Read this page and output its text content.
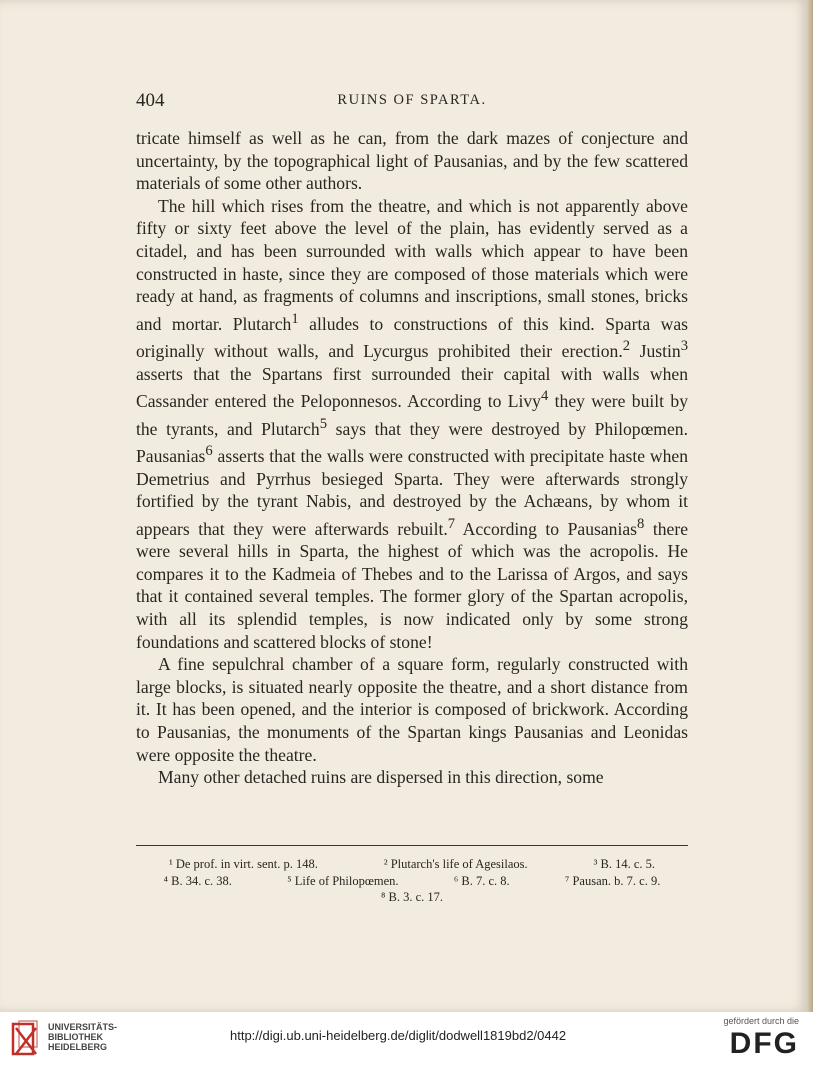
404	RUINS OF SPARTA.

tricate himself as well as he can, from the dark mazes of conjecture and uncertainty, by the topographical light of Pausanias, and by the few scattered materials of some other authors.

The hill which rises from the theatre, and which is not apparently above fifty or sixty feet above the level of the plain, has evidently served as a citadel, and has been surrounded with walls which appear to have been constructed in haste, since they are composed of those materials which were ready at hand, as fragments of columns and inscriptions, small stones, bricks and mortar. Plutarch$^1$ alludes to constructions of this kind. Sparta was originally without walls, and Lycurgus prohibited their erection.$^2$ Justin$^3$ asserts that the Spartans first surrounded their capital with walls when Cassander entered the Peloponnesos. According to Livy$^4$ they were built by the tyrants, and Plutarch$^5$ says that they were destroyed by Philopœmen. Pausanias$^6$ asserts that the walls were constructed with precipitate haste when Demetrius and Pyrrhus besieged Sparta. They were afterwards strongly fortified by the tyrant Nabis, and destroyed by the Achæans, by whom it appears that they were afterwards rebuilt.$^7$ According to Pausanias$^8$ there were several hills in Sparta, the highest of which was the acropolis. He compares it to the Kadmeia of Thebes and to the Larissa of Argos, and says that it contained several temples. The former glory of the Spartan acropolis, with all its splendid temples, is now indicated only by some strong foundations and scattered blocks of stone!

A fine sepulchral chamber of a square form, regularly constructed with large blocks, is situated nearly opposite the theatre, and a short distance from it. It has been opened, and the interior is composed of brickwork. According to Pausanias, the monuments of the Spartan kings Pausanias and Leonidas were opposite the theatre.

Many other detached ruins are dispersed in this direction, some

¹ De prof. in virt. sent. p. 148.	² Plutarch's life of Agesilaos.	³ B. 14. c. 5.
⁴ B. 34. c. 38.	⁵ Life of Philopœmen.	⁶ B. 7. c. 8.	⁷ Pausan. b. 7. c. 9.
⁸ B. 3. c. 17.
UNIVERSITÄTS-
BIBLIOTHEK
HEIDELBERG
http://digi.ub.uni-heidelberg.de/diglit/dodwell1819bd2/0442
gefördert durch die
DFG
